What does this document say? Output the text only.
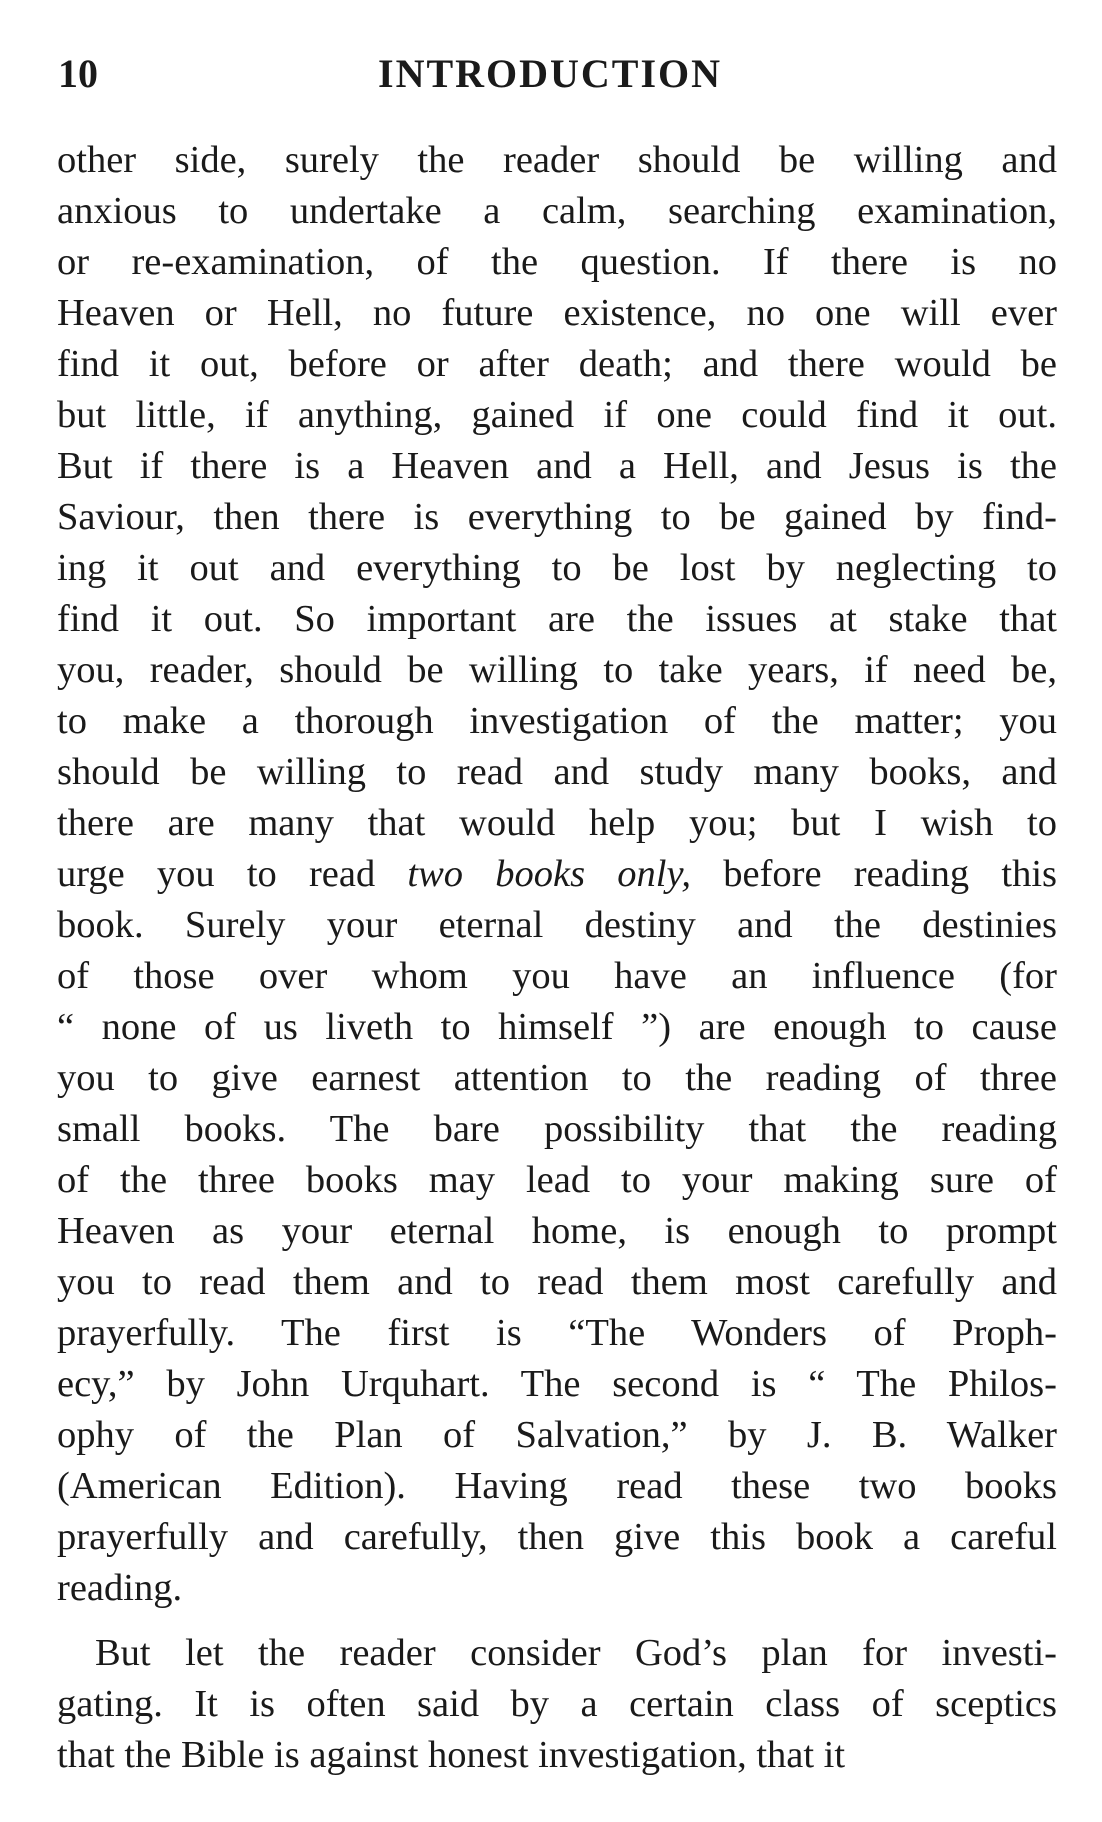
10	INTRODUCTION
other side, surely the reader should be willing and
anxious to undertake a calm, searching examination,
or re-examination, of the question. If there is no
Heaven or Hell, no future existence, no one will ever
find it out, before or after death; and there would be
but little, if anything, gained if one could find it out.
But if there is a Heaven and a Hell, and Jesus is the
Saviour, then there is everything to be gained by find-
ing it out and everything to be lost by neglecting to
find it out. So important are the issues at stake that
you, reader, should be willing to take years, if need be,
to make a thorough investigation of the matter; you
should be willing to read and study many books, and
there are many that would help you; but I wish to
urge you to read two books only, before reading this
book. Surely your eternal destiny and the destinies
of those over whom you have an influence (for
“ none of us liveth to himself ”) are enough to cause
you to give earnest attention to the reading of three
small books. The bare possibility that the reading
of the three books may lead to your making sure of
Heaven as your eternal home, is enough to prompt
you to read them and to read them most carefully and
prayerfully. The first is “The Wonders of Proph-
ecy,” by John Urquhart. The second is “ The Philos-
ophy of the Plan of Salvation,” by J. B. Walker
(American Edition). Having read these two books
prayerfully and carefully, then give this book a careful
reading.
But let the reader consider God’s plan for investi-
gating. It is often said by a certain class of sceptics
that the Bible is against honest investigation, that it
